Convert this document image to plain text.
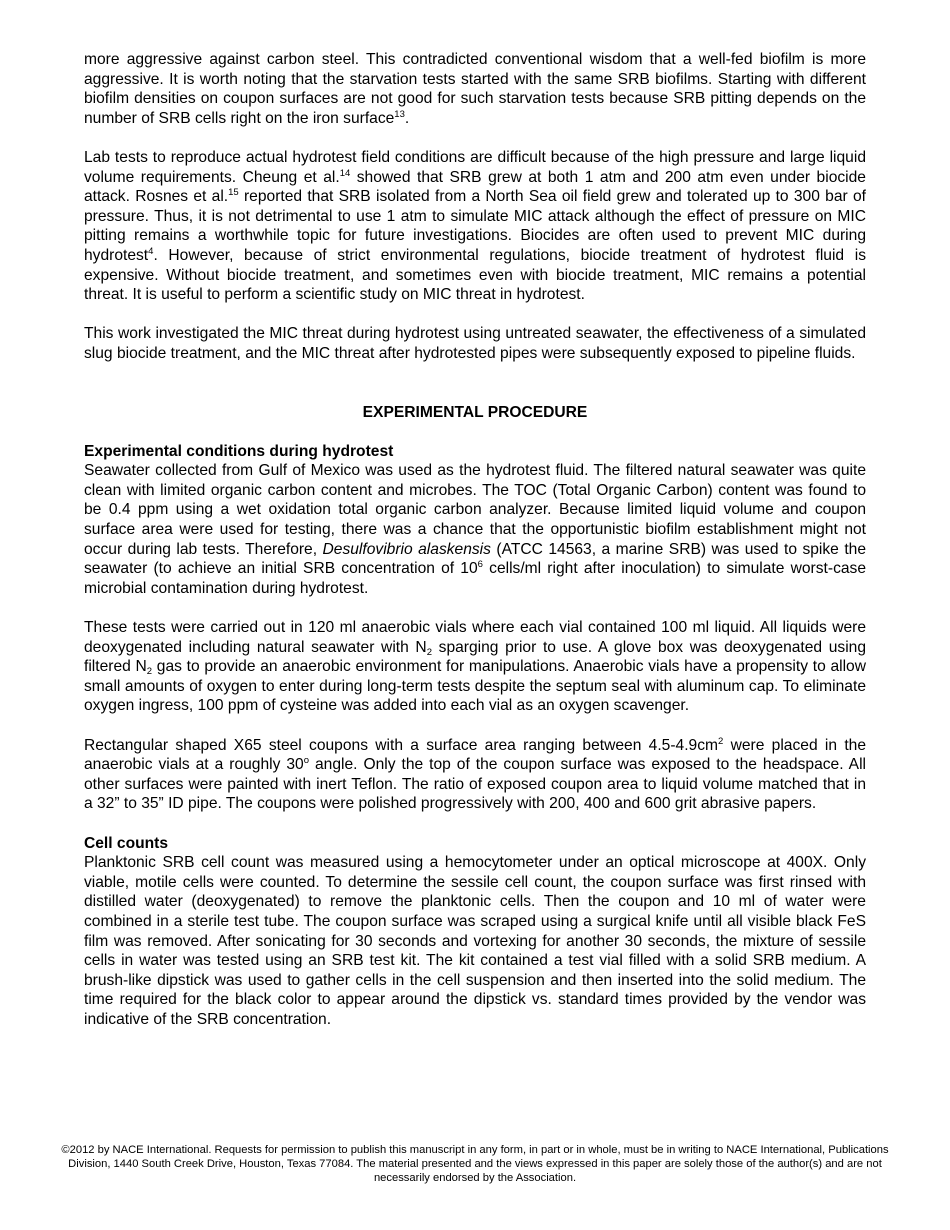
more aggressive against carbon steel. This contradicted conventional wisdom that a well-fed biofilm is more aggressive. It is worth noting that the starvation tests started with the same SRB biofilms. Starting with different biofilm densities on coupon surfaces are not good for such starvation tests because SRB pitting depends on the number of SRB cells right on the iron surface$^{13}$.

Lab tests to reproduce actual hydrotest field conditions are difficult because of the high pressure and large liquid volume requirements. Cheung et al.$^{14}$ showed that SRB grew at both 1 atm and 200 atm even under biocide attack. Rosnes et al.$^{15}$ reported that SRB isolated from a North Sea oil field grew and tolerated up to 300 bar of pressure. Thus, it is not detrimental to use 1 atm to simulate MIC attack although the effect of pressure on MIC pitting remains a worthwhile topic for future investigations. Biocides are often used to prevent MIC during hydrotest$^4$. However, because of strict environmental regulations, biocide treatment of hydrotest fluid is expensive. Without biocide treatment, and sometimes even with biocide treatment, MIC remains a potential threat. It is useful to perform a scientific study on MIC threat in hydrotest.

This work investigated the MIC threat during hydrotest using untreated seawater, the effectiveness of a simulated slug biocide treatment, and the MIC threat after hydrotested pipes were subsequently exposed to pipeline fluids.

EXPERIMENTAL PROCEDURE
Experimental conditions during hydrotest

Seawater collected from Gulf of Mexico was used as the hydrotest fluid. The filtered natural seawater was quite clean with limited organic carbon content and microbes. The TOC (Total Organic Carbon) content was found to be 0.4 ppm using a wet oxidation total organic carbon analyzer. Because limited liquid volume and coupon surface area were used for testing, there was a chance that the opportunistic biofilm establishment might not occur during lab tests. Therefore, Desulfovibrio alaskensis (ATCC 14563, a marine SRB) was used to spike the seawater (to achieve an initial SRB concentration of $10^6$ cells/ml right after inoculation) to simulate worst-case microbial contamination during hydrotest.

These tests were carried out in 120 ml anaerobic vials where each vial contained 100 ml liquid. All liquids were deoxygenated including natural seawater with $N_2$ sparging prior to use. A glove box was deoxygenated using filtered $N_2$ gas to provide an anaerobic environment for manipulations. Anaerobic vials have a propensity to allow small amounts of oxygen to enter during long-term tests despite the septum seal with aluminum cap. To eliminate oxygen ingress, 100 ppm of cysteine was added into each vial as an oxygen scavenger.

Rectangular shaped X65 steel coupons with a surface area ranging between $4.5-4.9cm^2$ were placed in the anaerobic vials at a roughly 30$^o$ angle. Only the top of the coupon surface was exposed to the headspace. All other surfaces were painted with inert Teflon. The ratio of exposed coupon area to liquid volume matched that in a 32” to 35” ID pipe. The coupons were polished progressively with 200, 400 and 600 grit abrasive papers.

Cell counts

Planktonic SRB cell count was measured using a hemocytometer under an optical microscope at 400X. Only viable, motile cells were counted. To determine the sessile cell count, the coupon surface was first rinsed with distilled water (deoxygenated) to remove the planktonic cells. Then the coupon and 10 ml of water were combined in a sterile test tube. The coupon surface was scraped using a surgical knife until all visible black FeS film was removed. After sonicating for 30 seconds and vortexing for another 30 seconds, the mixture of sessile cells in water was tested using an SRB test kit. The kit contained a test vial filled with a solid SRB medium. A brush-like dipstick was used to gather cells in the cell suspension and then inserted into the solid medium. The time required for the black color to appear around the dipstick vs. standard times provided by the vendor was indicative of the SRB concentration.

©2012 by NACE International. Requests for permission to publish this manuscript in any form, in part or in whole, must be in writing to NACE International, Publications Division, 1440 South Creek Drive, Houston, Texas 77084. The material presented and the views expressed in this paper are solely those of the author(s) and are not necessarily endorsed by the Association.
